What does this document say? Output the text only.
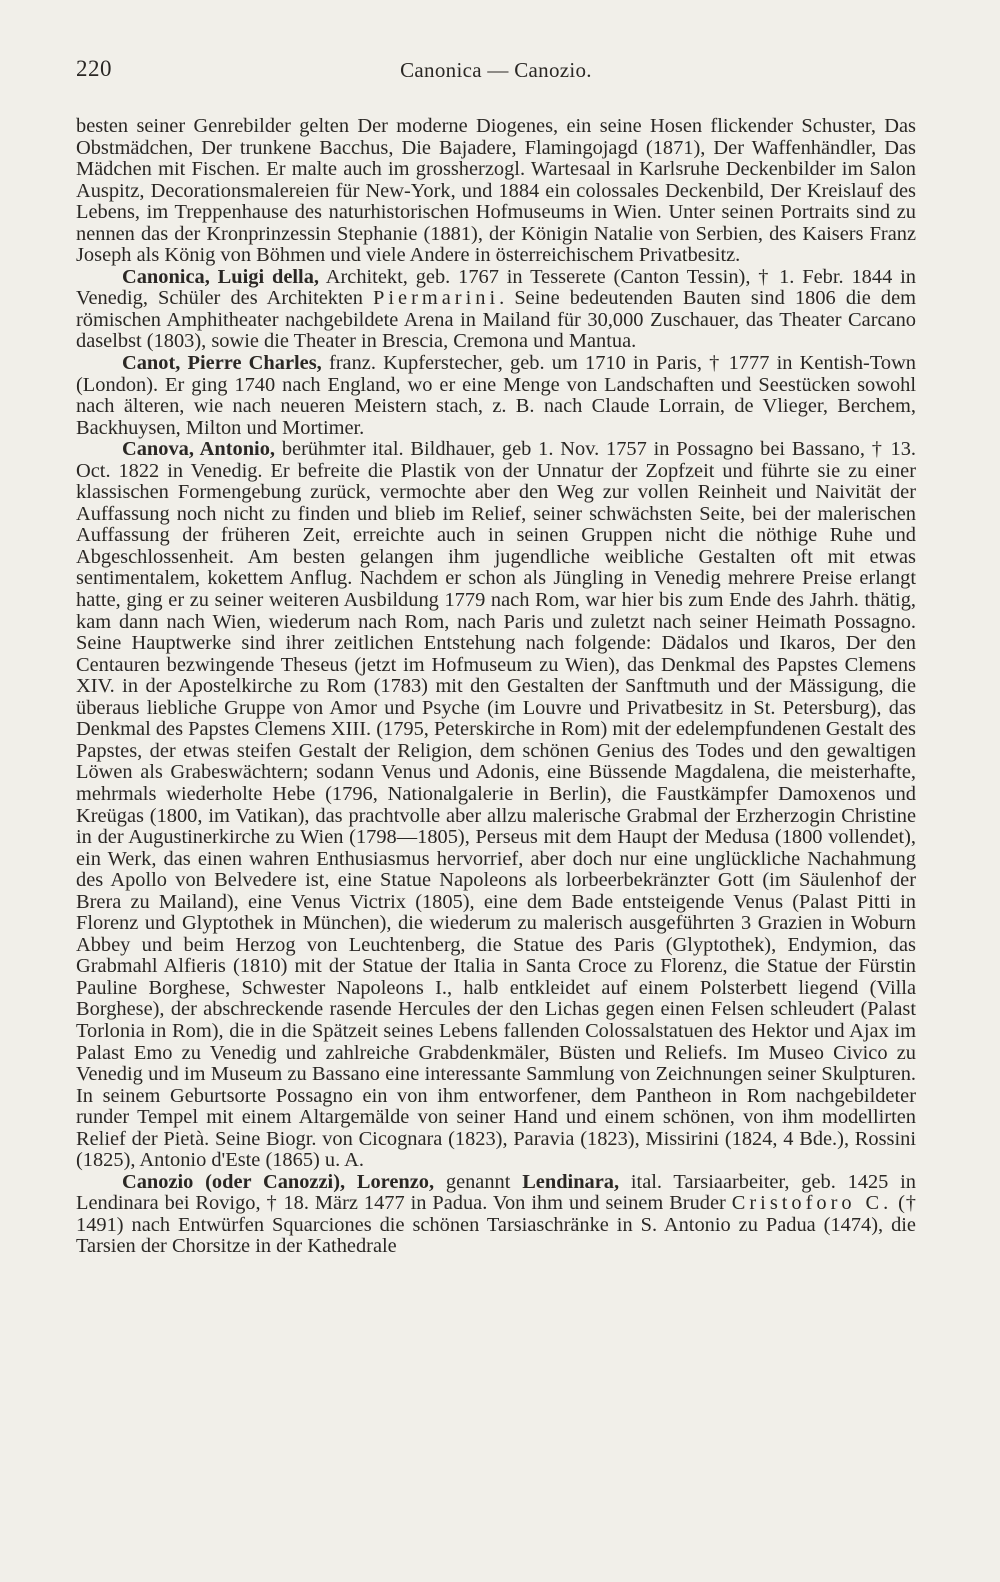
220	Canonica — Canozio.

besten seiner Genrebilder gelten Der moderne Diogenes, ein seine Hosen flickender Schuster, Das Obstmädchen, Der trunkene Bacchus, Die Bajadere, Flamingojagd (1871), Der Waffenhändler, Das Mädchen mit Fischen. Er malte auch im grossherzogl. Wartesaal in Karlsruhe Deckenbilder im Salon Auspitz, Decorationsmalereien für New-York, und 1884 ein colossales Deckenbild, Der Kreislauf des Lebens, im Treppenhause des naturhistorischen Hofmuseums in Wien. Unter seinen Portraits sind zu nennen das der Kronprinzessin Stephanie (1881), der Königin Natalie von Serbien, des Kaisers Franz Joseph als König von Böhmen und viele Andere in österreichischem Privatbesitz.

Canonica, Luigi della, Architekt, geb. 1767 in Tesserete (Canton Tessin), † 1. Febr. 1844 in Venedig, Schüler des Architekten Piermarini. Seine bedeutenden Bauten sind 1806 die dem römischen Amphitheater nachgebildete Arena in Mailand für 30,000 Zuschauer, das Theater Carcano daselbst (1803), sowie die Theater in Brescia, Cremona und Mantua.

Canot, Pierre Charles, franz. Kupferstecher, geb. um 1710 in Paris, † 1777 in Kentish-Town (London). Er ging 1740 nach England, wo er eine Menge von Landschaften und Seestücken sowohl nach älteren, wie nach neueren Meistern stach, z. B. nach Claude Lorrain, de Vlieger, Berchem, Backhuysen, Milton und Mortimer.

Canova, Antonio, berühmter ital. Bildhauer, geb 1. Nov. 1757 in Possagno bei Bassano, † 13. Oct. 1822 in Venedig. Er befreite die Plastik von der Unnatur der Zopfzeit und führte sie zu einer klassischen Formengebung zurück, vermochte aber den Weg zur vollen Reinheit und Naivität der Auffassung noch nicht zu finden und blieb im Relief, seiner schwächsten Seite, bei der malerischen Auffassung der früheren Zeit, erreichte auch in seinen Gruppen nicht die nöthige Ruhe und Abgeschlossenheit. Am besten gelangen ihm jugendliche weibliche Gestalten oft mit etwas sentimentalem, kokettem Anflug. Nachdem er schon als Jüngling in Venedig mehrere Preise erlangt hatte, ging er zu seiner weiteren Ausbildung 1779 nach Rom, war hier bis zum Ende des Jahrh. thätig, kam dann nach Wien, wiederum nach Rom, nach Paris und zuletzt nach seiner Heimath Possagno. Seine Hauptwerke sind ihrer zeitlichen Entstehung nach folgende: Dädalos und Ikaros, Der den Centauren bezwingende Theseus (jetzt im Hofmuseum zu Wien), das Denkmal des Papstes Clemens XIV. in der Apostelkirche zu Rom (1783) mit den Gestalten der Sanftmuth und der Mässigung, die überaus liebliche Gruppe von Amor und Psyche (im Louvre und Privatbesitz in St. Petersburg), das Denkmal des Papstes Clemens XIII. (1795, Peterskirche in Rom) mit der edelempfundenen Gestalt des Papstes, der etwas steifen Gestalt der Religion, dem schönen Genius des Todes und den gewaltigen Löwen als Grabeswächtern; sodann Venus und Adonis, eine Büssende Magdalena, die meisterhafte, mehrmals wiederholte Hebe (1796, Nationalgalerie in Berlin), die Faustkämpfer Damoxenos und Kreügas (1800, im Vatikan), das prachtvolle aber allzu malerische Grabmal der Erzherzogin Christine in der Augustinerkirche zu Wien (1798—1805), Perseus mit dem Haupt der Medusa (1800 vollendet), ein Werk, das einen wahren Enthusiasmus hervorrief, aber doch nur eine unglückliche Nachahmung des Apollo von Belvedere ist, eine Statue Napoleons als lorbeerbekränzter Gott (im Säulenhof der Brera zu Mailand), eine Venus Victrix (1805), eine dem Bade entsteigende Venus (Palast Pitti in Florenz und Glyptothek in München), die wiederum zu malerisch ausgeführten 3 Grazien in Woburn Abbey und beim Herzog von Leuchtenberg, die Statue des Paris (Glyptothek), Endymion, das Grabmahl Alfieris (1810) mit der Statue der Italia in Santa Croce zu Florenz, die Statue der Fürstin Pauline Borghese, Schwester Napoleons I., halb entkleidet auf einem Polsterbett liegend (Villa Borghese), der abschreckende rasende Hercules der den Lichas gegen einen Felsen schleudert (Palast Torlonia in Rom), die in die Spätzeit seines Lebens fallenden Colossalstatuen des Hektor und Ajax im Palast Emo zu Venedig und zahlreiche Grabdenkmäler, Büsten und Reliefs. Im Museo Civico zu Venedig und im Museum zu Bassano eine interessante Sammlung von Zeichnungen seiner Skulpturen. In seinem Geburtsorte Possagno ein von ihm entworfener, dem Pantheon in Rom nachgebildeter runder Tempel mit einem Altargemälde von seiner Hand und einem schönen, von ihm modellirten Relief der Pietà. Seine Biogr. von Cicognara (1823), Paravia (1823), Missirini (1824, 4 Bde.), Rossini (1825), Antonio d'Este (1865) u. A.

Canozio (oder Canozzi), Lorenzo, genannt Lendinara, ital. Tarsiaarbeiter, geb. 1425 in Lendinara bei Rovigo, † 18. März 1477 in Padua. Von ihm und seinem Bruder Cristoforo C. († 1491) nach Entwürfen Squarciones die schönen Tarsiaschränke in S. Antonio zu Padua (1474), die Tarsien der Chorsitze in der Kathedrale
